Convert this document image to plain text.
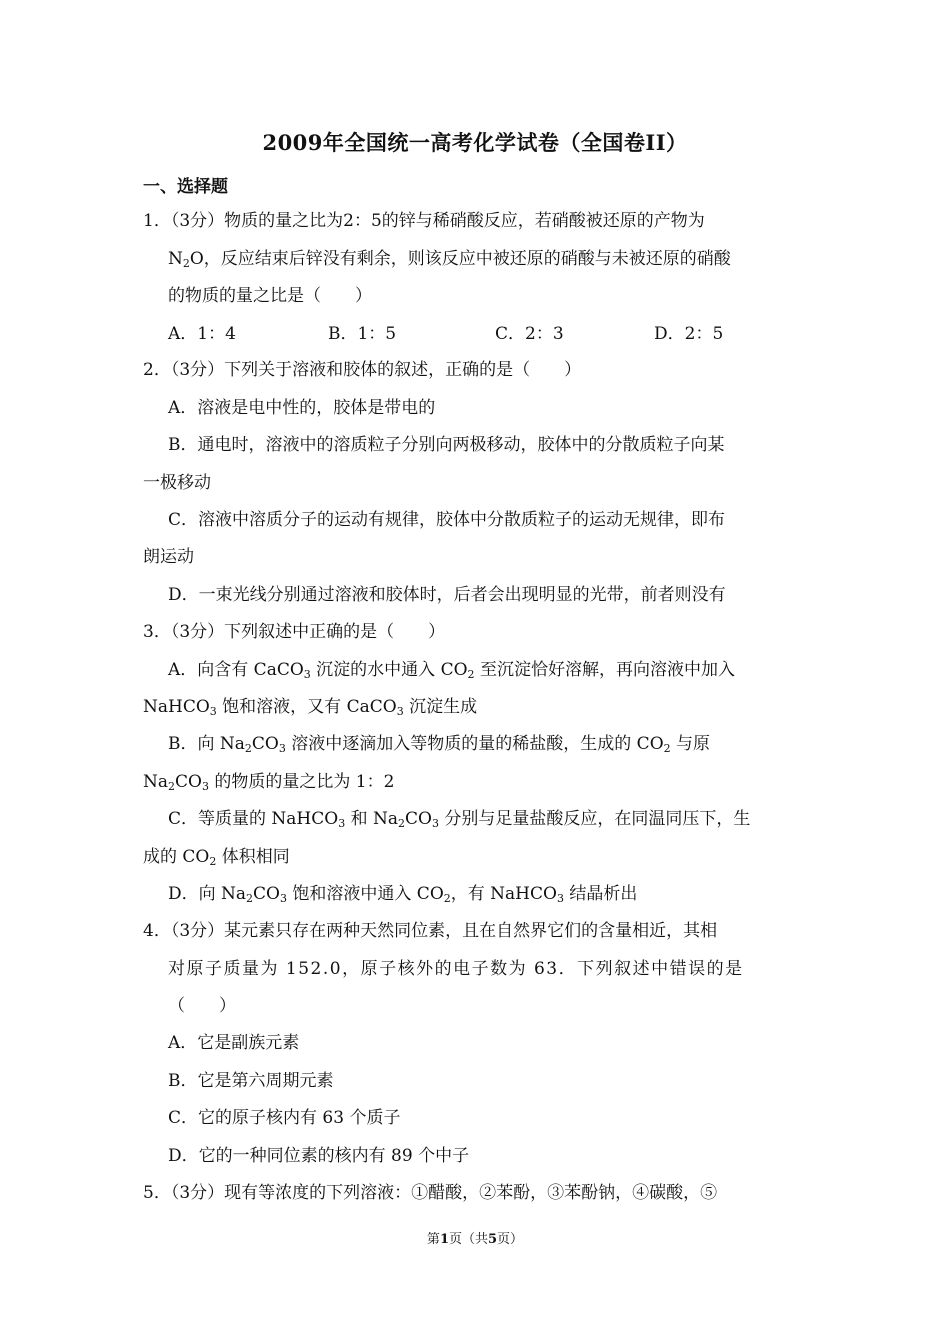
2009年全国统一高考化学试卷（全国卷II）
一、选择题
1．（3分）物质的量之比为2：5的锌与稀硝酸反应，若硝酸被还原的产物为
$N_2O$，反应结束后锌没有剩余，则该反应中被还原的硝酸与未被还原的硝酸
的物质的量之比是（　　）
A．1：4	B．1：5	C．2：3	D．2：5
2．（3分）下列关于溶液和胶体的叙述，正确的是（　　）
A．溶液是电中性的，胶体是带电的
B．通电时，溶液中的溶质粒子分别向两极移动，胶体中的分散质粒子向某
一极移动
C．溶液中溶质分子的运动有规律，胶体中分散质粒子的运动无规律，即布
朗运动
D．一束光线分别通过溶液和胶体时，后者会出现明显的光带，前者则没有
3．（3分）下列叙述中正确的是（　　）
A．向含有 CaCO$_3$ 沉淀的水中通入 $CO_2$ 至沉淀恰好溶解，再向溶液中加入
NaHCO$_3$ 饱和溶液，又有 CaCO$_3$ 沉淀生成
B．向 $Na_2CO_3$ 溶液中逐滴加入等物质的量的稀盐酸，生成的 $CO_2$ 与原
$Na_2CO_3$ 的物质的量之比为 1：2
C．等质量的 NaHCO$_3$ 和 $Na_2CO_3$ 分别与足量盐酸反应，在同温同压下，生
成的 $CO_2$ 体积相同
D．向 $Na_2CO_3$ 饱和溶液中通入 $CO_2$，有 NaHCO$_3$ 结晶析出
4．（3分）某元素只存在两种天然同位素，且在自然界它们的含量相近，其相
对原子质量为 152.0，原子核外的电子数为 63．下列叙述中错误的是
（　　）
A．它是副族元素
B．它是第六周期元素
C．它的原子核内有 63 个质子
D．它的一种同位素的核内有 89 个中子
5．（3分）现有等浓度的下列溶液：①醋酸，②苯酚，③苯酚钠，④碳酸，⑤
第1页（共5页）
